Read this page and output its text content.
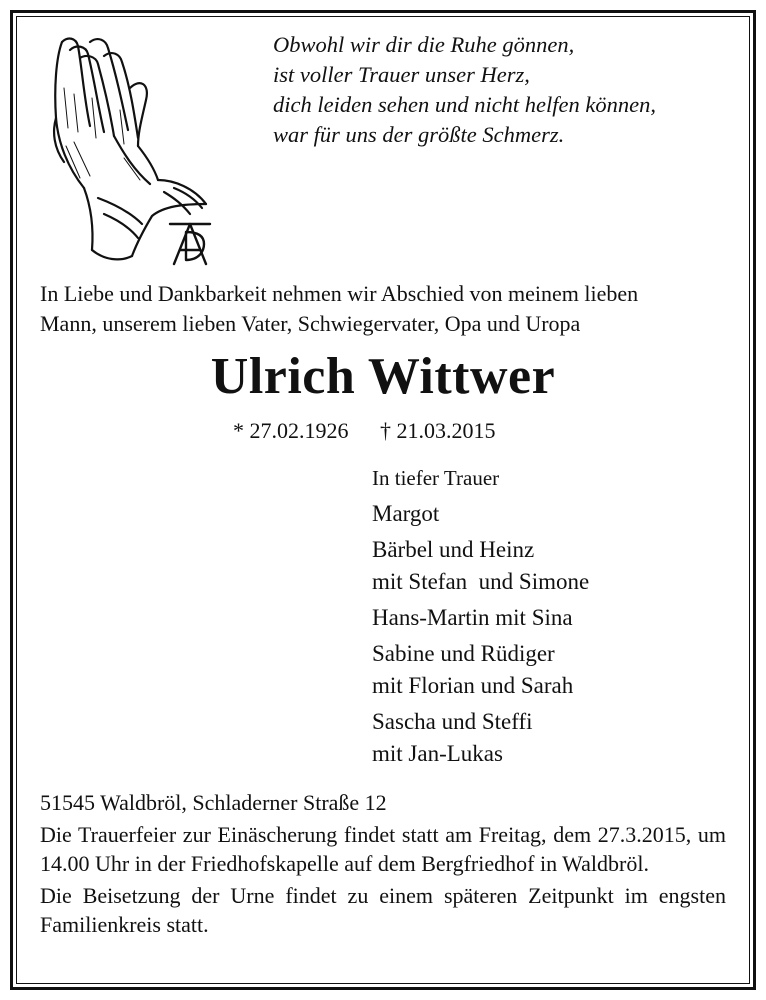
Obwohl wir dir die Ruhe gönnen,
ist voller Trauer unser Herz,
dich leiden sehen und nicht helfen können,
war für uns der größte Schmerz.
In Liebe und Dankbarkeit nehmen wir Abschied von meinem lieben
Mann, unserem lieben Vater, Schwiegervater, Opa und Uropa
Ulrich Wittwer
* 27.02.1926 † 21.03.2015
In tiefer Trauer
Margot
Bärbel und Heinz
mit Stefan  und Simone
Hans-Martin mit Sina
Sabine und Rüdiger
mit Florian und Sarah
Sascha und Steffi
mit Jan-Lukas
51545 Waldbröl, Schladerner Straße 12
Die Trauerfeier zur Einäscherung findet statt am Freitag, dem 27.3.2015, um 14.00 Uhr in der Friedhofskapelle auf dem Bergfriedhof in Waldbröl.
Die Beisetzung der Urne findet zu einem späteren Zeitpunkt im engsten Familienkreis statt.
